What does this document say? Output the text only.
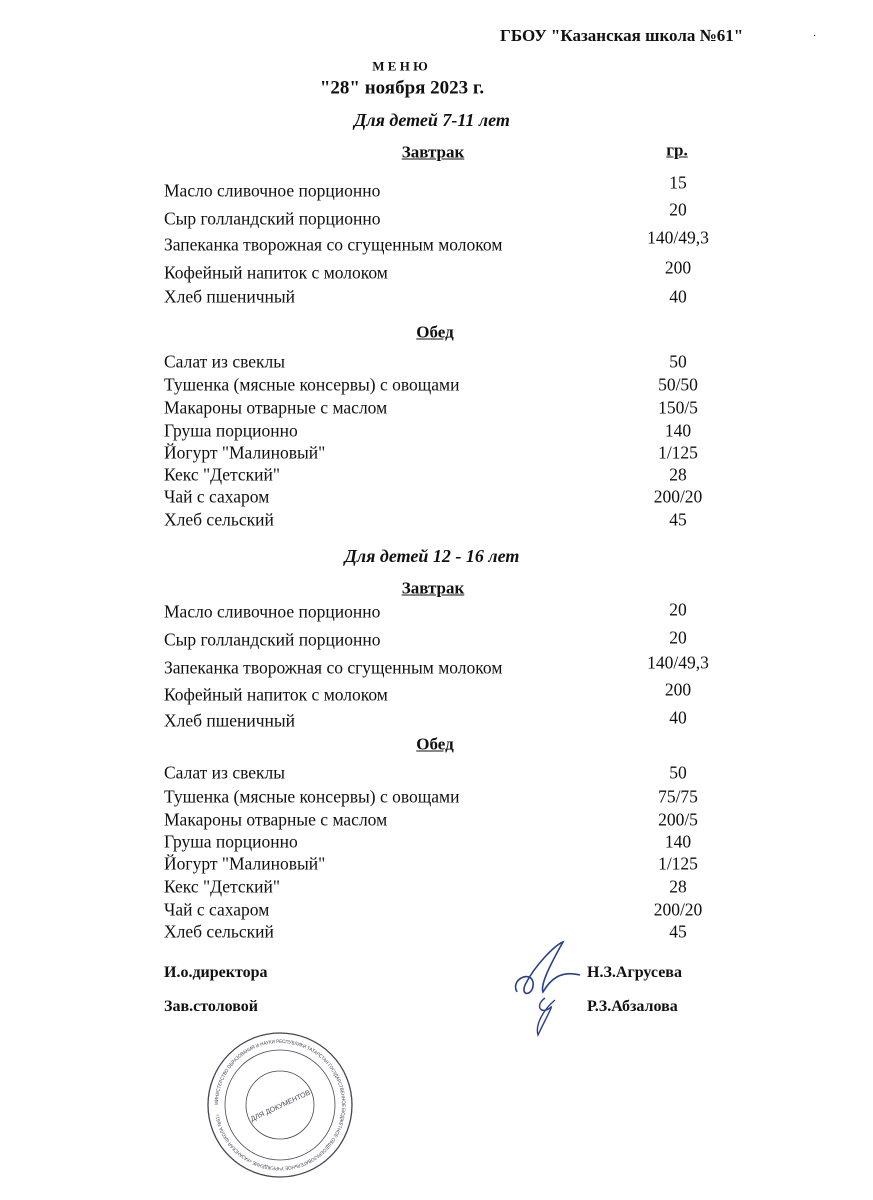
ГБОУ "Казанская школа №61"	·
М Е Н Ю
"28" ноября 2023 г.
гр.
Для детей 7-11 лет
Завтрак
Масло сливочное порционно	15
Сыр голландский порционно	20
Запеканка творожная со сгущенным молоком	140/49,3
Кофейный напиток с молоком	200
Хлеб пшеничный	40
Обед
Салат из свеклы	50
Тушенка (мясные консервы) с овощами	50/50
Макароны отварные с маслом	150/5
Груша порционно	140
Йогурт "Малиновый"	1/125
Кекс "Детский"	28
Чай с сахаром	200/20
Хлеб сельский	45
Для детей 12 - 16 лет
Завтрак
Масло сливочное порционно	20
Сыр голландский порционно	20
Запеканка творожная со сгущенным молоком	140/49,3
Кофейный напиток с молоком	200
Хлеб пшеничный	40
Обед
Салат из свеклы	50
Тушенка (мясные консервы) с овощами	75/75
Макароны отварные с маслом	200/5
Груша порционно	140
Йогурт "Малиновый"	1/125
Кекс "Детский"	28
Чай с сахаром	200/20
Хлеб сельский	45
И.о.директора	Н.З.Агрусева
Зав.столовой	Р.З.Абзалова
МИНИСТЕРСТВО ОБРАЗОВАНИЯ И НАУКИ РЕСПУБЛИКИ ТАТАРСТАН ГОСУДАРСТВЕННОЕ БЮДЖЕТНОЕ ОБЩЕОБРАЗОВАТЕЛЬНОЕ УЧРЕЖДЕНИЕ «КАЗАНСКАЯ ШКОЛА №61»	ДЛЯ ДОКУМЕНТОВ
